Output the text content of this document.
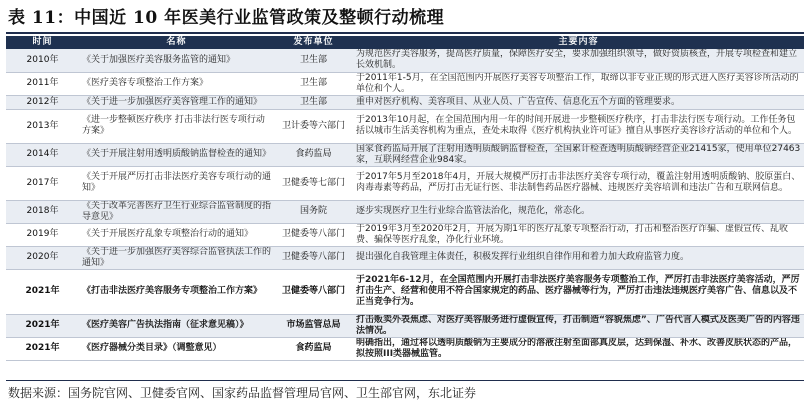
表 11：中国近 10 年医美行业监管政策及整顿行动梳理
时间	名称	发布单位	主要内容
2010年	《关于加强医疗美容服务监管的通知》	卫生部	为规范医疗美容服务，提高医疗质量，保障医疗安全，要求加强组织领导，做好资质核查，开展专项检查和建立长效机制。
2011年	《医疗美容专项整治工作方案》	卫生部	于2011年1-5月，在全国范围内开展医疗美容专项整治工作，取缔以非专业正规的形式进入医疗美容诊所活动的单位和个人。
2012年	《关于进一步加强医疗美容管理工作的通知》	卫生部	重申对医疗机构、美容项目、从业人员、广告宣传、信息化五个方面的管理要求。
2013年	《进一步整顿医疗秩序 打击非法行医专项行动方案》	卫计委等六部门	于2013年10月起，在全国范围内用一年的时间开展进一步整顿医疗秩序，打击非法行医专项行动。工作任务包括以城市生活美容机构为重点，查处未取得《医疗机构执业许可证》擅自从事医疗美容诊疗活动的单位和个人。
2014年	《关于开展注射用透明质酸钠监督检查的通知》	食药监局	国家食药监局开展了注射用透明质酸钠监督检查，全国累计检查透明质酸钠经营企业21415家，使用单位27463家，互联网经营企业984家。
2017年	《关于开展严厉打击非法医疗美容专项行动的通知》	卫健委等七部门	于2017年5月至2018年4月，开展大规模严厉打击非法医疗美容专项行动，覆盖注射用透明质酸钠、胶原蛋白、肉毒毒素等药品，严厉打击无证行医、非法制售药品医疗器械、违规医疗美容培训和违法广告和互联网信息。
2018年	《关于改革完善医疗卫生行业综合监管制度的指导意见》	国务院	逐步实现医疗卫生行业综合监管法治化，规范化，常态化。
2019年	《关于开展医疗乱象专项整治行动的通知》	卫健委等八部门	于2019年3月至2020年2月，开展为期1年的医疗乱象专项整治行动，打击和整治医疗诈骗、虚假宣传、乱收费、骗保等医疗乱象，净化行业环境。
2020年	《关于进一步加强医疗美容综合监管执法工作的通知》	卫健委等八部门	提出强化自我管理主体责任，积极发挥行业组织自律作用和着力加大政府监管力度。
2021年	《打击非法医疗美容服务专项整治工作方案》	卫健委等八部门	于2021年6-12月，在全国范围内开展打击非法医疗美容服务专项整治工作，严厉打击非法医疗美容活动，严厉打击生产、经营和使用不符合国家规定的药品、医疗器械等行为，严厉打击违法违规医疗美容广告、信息以及不正当竞争行为。
2021年	《医疗美容广告执法指南（征求意见稿）》	市场监管总局	打击贩卖外表焦虑、对医疗美容服务进行虚假宣传，打击制造“容貌焦虑”、广告代言人模式及医美广告的内容违法情况。
2021年	《医疗器械分类目录》（调整意见）	食药监局	明确指出，通过将以透明质酸钠为主要成分的溶液注射至面部真皮层，达到保湿、补水、改善皮肤状态的产品，拟按照III类器械监管。
数据来源：国务院官网、卫健委官网、国家药品监督管理局官网、卫生部官网，东北证券
